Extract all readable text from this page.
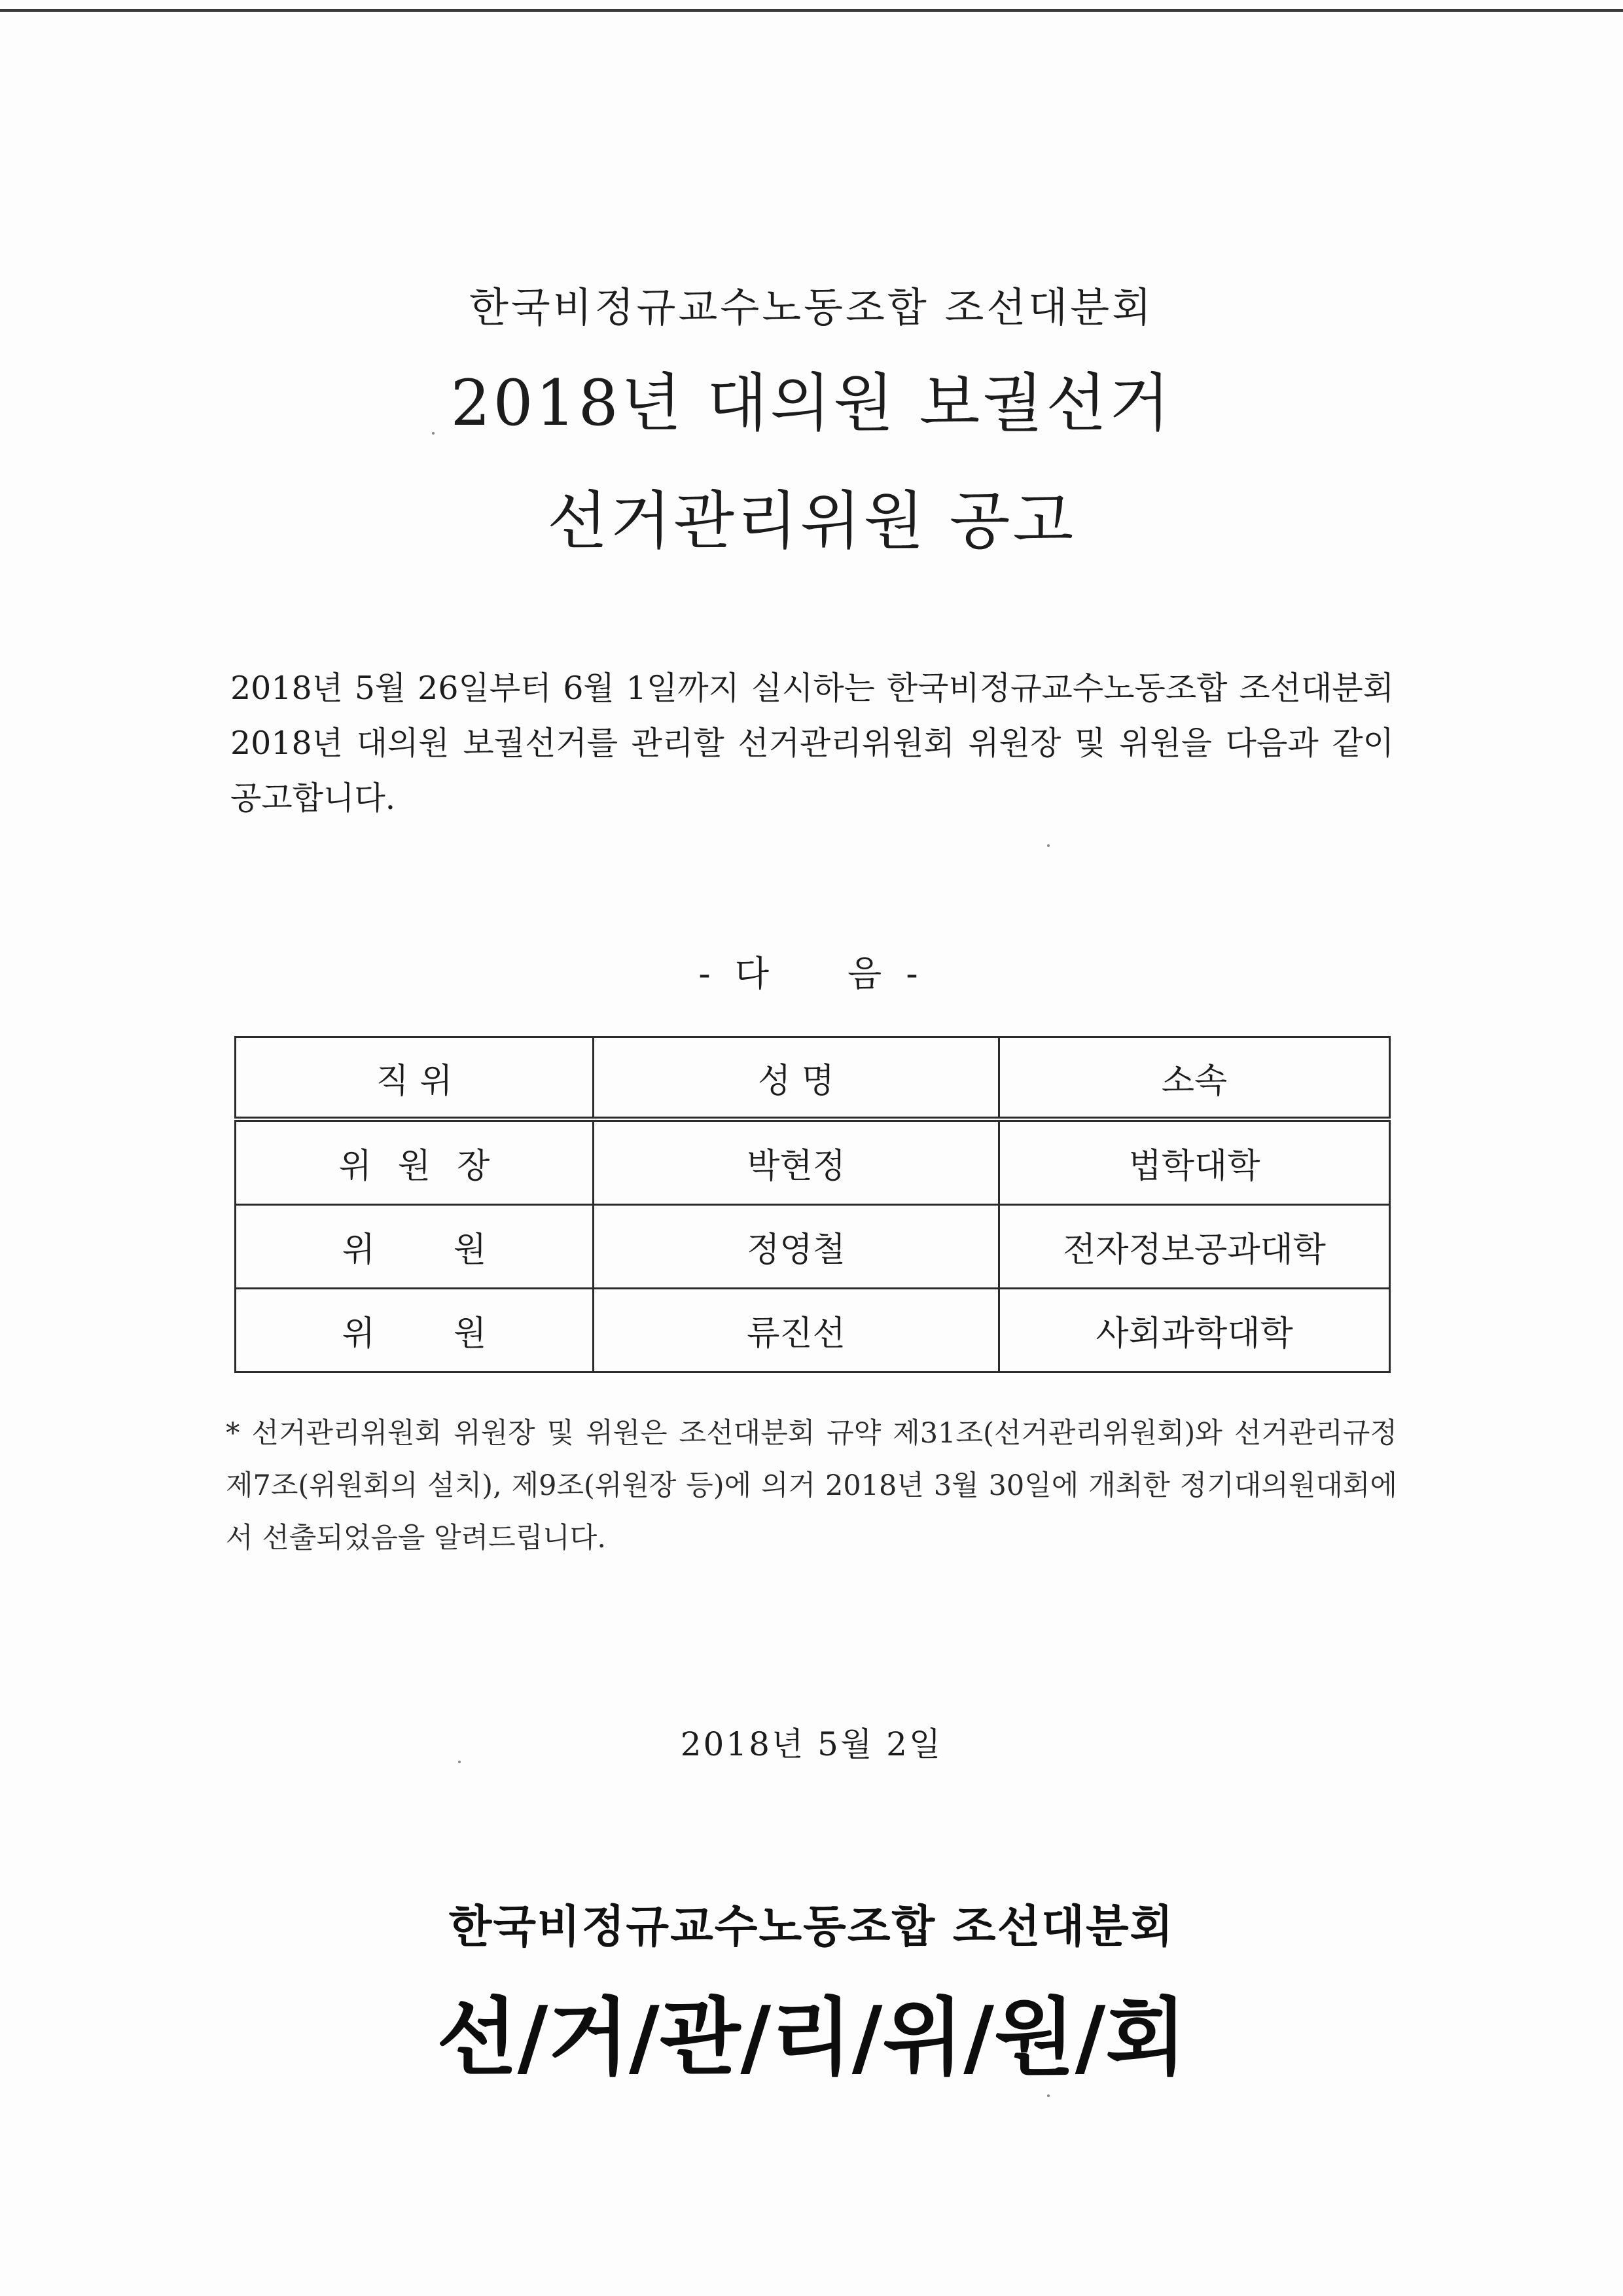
한국비정규교수노동조합 조선대분회
2018년 대의원 보궐선거
선거관리위원 공고
2018년 5월 26일부터 6월 1일까지 실시하는 한국비정규교수노동조합 조선대분회 2018년 대의원 보궐선거를 관리할 선거관리위원회 위원장 및 위원을 다음과 같이 공고합니다.
- 다 음 -
직 위	성 명	소속
위원장	박현정	법학대학
위원	정영철	전자정보공과대학
위원	류진선	사회과학대학
* 선거관리위원회 위원장 및 위원은 조선대분회 규약 제31조(선거관리위원회)와 선거관리규정 제7조(위원회의 설치), 제9조(위원장 등)에 의거 2018년 3월 30일에 개최한 정기대의원대회에서 선출되었음을 알려드립니다.
2018년 5월 2일
한국비정규교수노동조합 조선대분회
선/거/관/리/위/원/회
